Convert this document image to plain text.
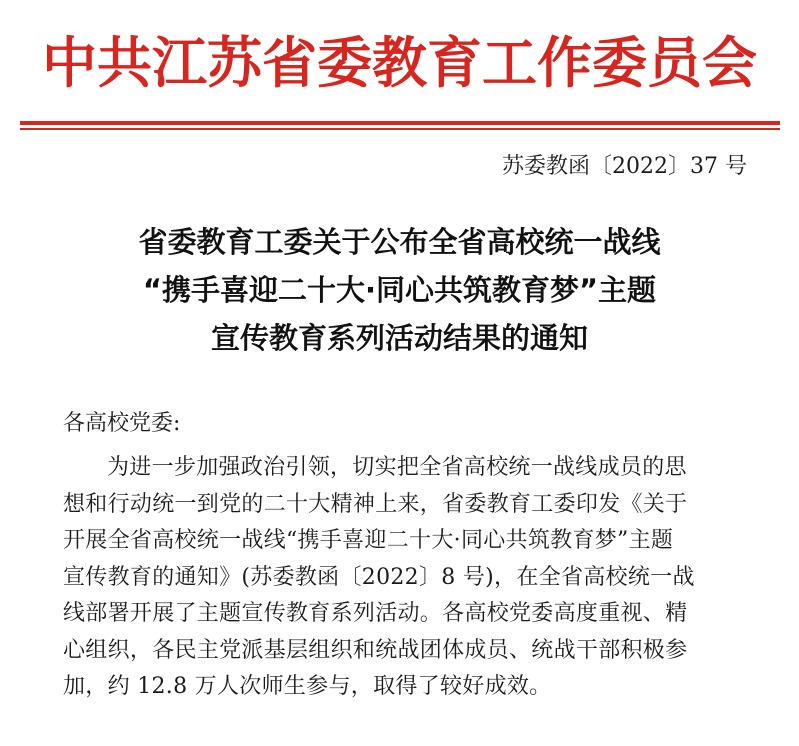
中共江苏省委教育工作委员会
苏委教函〔2022〕37 号
省委教育工委关于公布全省高校统一战线
“携手喜迎二十大·同心共筑教育梦”主题
宣传教育系列活动结果的通知
各高校党委:
为进一步加强政治引领，切实把全省高校统一战线成员的思
想和行动统一到党的二十大精神上来，省委教育工委印发《关于
开展全省高校统一战线“携手喜迎二十大·同心共筑教育梦”主题
宣传教育的通知》(苏委教函〔2022〕8 号)，在全省高校统一战
线部署开展了主题宣传教育系列活动。各高校党委高度重视、精
心组织，各民主党派基层组织和统战团体成员、统战干部积极参
加，约 12.8 万人次师生参与，取得了较好成效。
